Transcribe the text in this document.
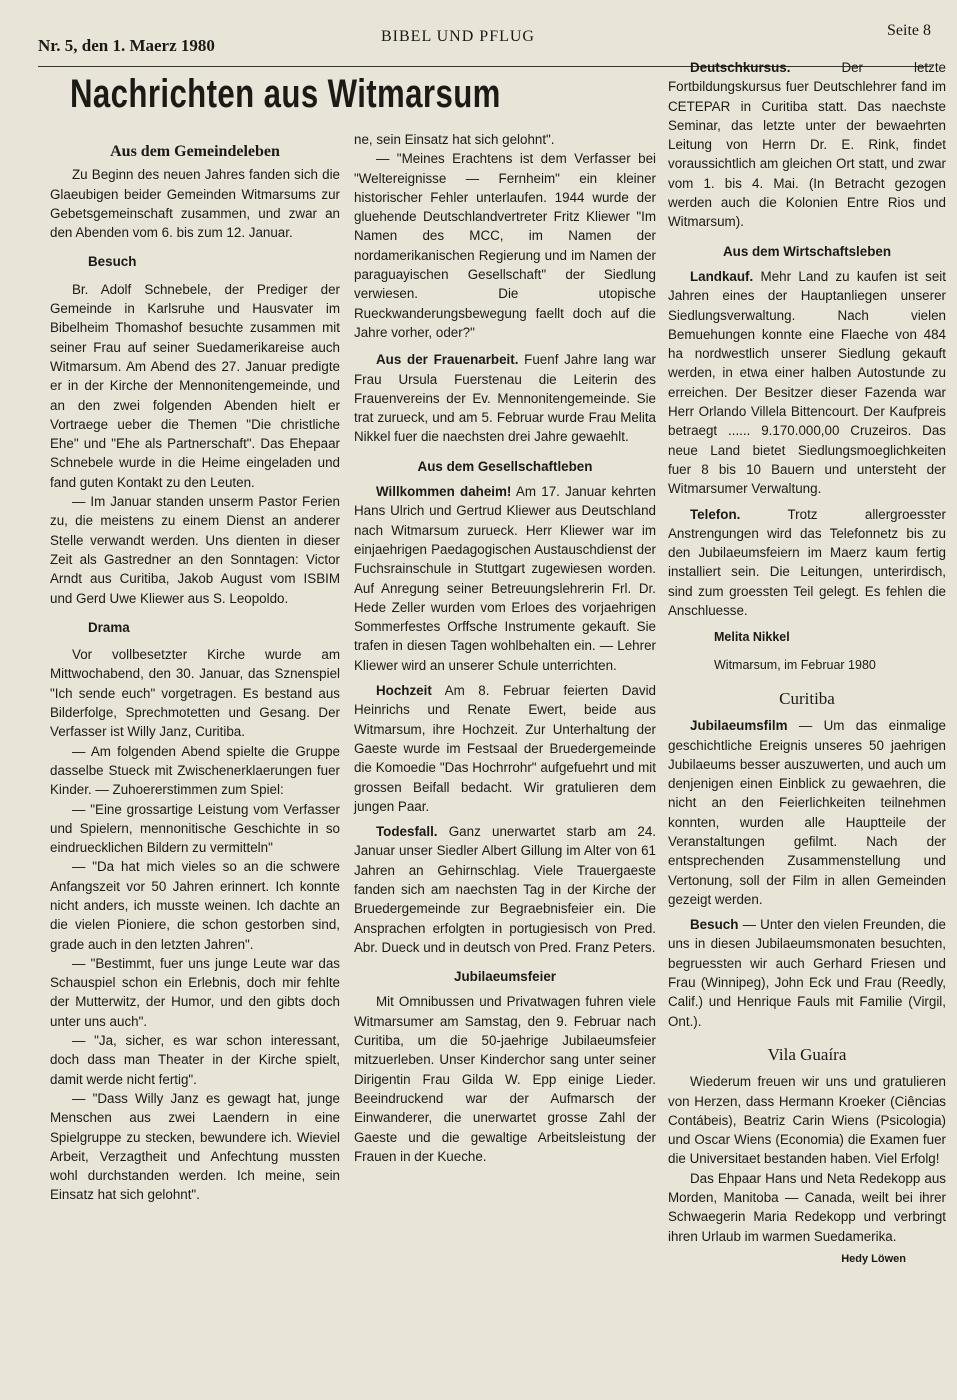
Nr. 5, den 1. Maerz 1980	BIBEL UND PFLUG	Seite 8
Nachrichten aus Witmarsum
Aus dem Gemeindeleben

Zu Beginn des neuen Jahres fanden sich die Glaeubigen beider Gemeinden Witmarsums zur Gebetsgemeinschaft zusammen, und zwar an den Abenden vom 6. bis zum 12. Januar.

Besuch

Br. Adolf Schnebele, der Prediger der Gemeinde in Karlsruhe und Hausvater im Bibelheim Thomashof besuchte zusammen mit seiner Frau auf seiner Suedamerikareise auch Witmarsum. Am Abend des 27. Januar predigte er in der Kirche der Mennonitengemeinde, und an den zwei folgenden Abenden hielt er Vortraege ueber die Themen "Die christliche Ehe" und "Ehe als Partnerschaft". Das Ehepaar Schnebele wurde in die Heime eingeladen und fand guten Kontakt zu den Leuten.

— Im Januar standen unserm Pastor Ferien zu, die meistens zu einem Dienst an anderer Stelle verwandt werden. Uns dienten in dieser Zeit als Gastredner an den Sonntagen: Victor Arndt aus Curitiba, Jakob August vom ISBIM und Gerd Uwe Kliewer aus S. Leopoldo.

Drama

Vor vollbesetzter Kirche wurde am Mittwochabend, den 30. Januar, das Sznenspiel "Ich sende euch" vorgetragen. Es bestand aus Bilderfolge, Sprechmotetten und Gesang. Der Verfasser ist Willy Janz, Curitiba.

— Am folgenden Abend spielte die Gruppe dasselbe Stueck mit Zwischenerklaerungen fuer Kinder. — Zuhoererstimmen zum Spiel:

— "Eine grossartige Leistung vom Verfasser und Spielern, mennonitische Geschichte in so eindruecklichen Bildern zu vermitteln"

— "Da hat mich vieles so an die schwere Anfangszeit vor 50 Jahren erinnert. Ich konnte nicht anders, ich musste weinen. Ich dachte an die vielen Pioniere, die schon gestorben sind, grade auch in den letzten Jahren".

— "Bestimmt, fuer uns junge Leute war das Schauspiel schon ein Erlebnis, doch mir fehlte der Mutterwitz, der Humor, und den gibts doch unter uns auch".

— "Ja, sicher, es war schon interessant, doch dass man Theater in der Kirche spielt, damit werde nicht fertig".

— "Dass Willy Janz es gewagt hat, junge Menschen aus zwei Laendern in eine Spielgruppe zu stecken, bewundere ich. Wieviel Arbeit, Verzagtheit und Anfechtung mussten wohl durchstanden werden. Ich meine, sein Einsatz hat sich gelohnt".

ne, sein Einsatz hat sich gelohnt".

— "Meines Erachtens ist dem Verfasser bei "Weltereignisse — Fernheim" ein kleiner historischer Fehler unterlaufen. 1944 wurde der gluehende Deutschlandvertreter Fritz Kliewer "Im Namen des MCC, im Namen der nordamerikanischen Regierung und im Namen der paraguayischen Gesellschaft" der Siedlung verwiesen. Die utopische Rueckwanderungsbewegung faellt doch auf die Jahre vorher, oder?"

Aus der Frauenarbeit. Fuenf Jahre lang war Frau Ursula Fuerstenau die Leiterin des Frauenvereins der Ev. Mennonitengemeinde. Sie trat zurueck, und am 5. Februar wurde Frau Melita Nikkel fuer die naechsten drei Jahre gewaehlt.

Aus dem Gesellschaftleben

Willkommen daheim! Am 17. Januar kehrten Hans Ulrich und Gertrud Kliewer aus Deutschland nach Witmarsum zurueck. Herr Kliewer war im einjaehrigen Paedagogischen Austauschdienst der Fuchsrainschule in Stuttgart zugewiesen worden. Auf Anregung seiner Betreuungslehrerin Frl. Dr. Hede Zeller wurden vom Erloes des vorjaehrigen Sommerfestes Orffsche Instrumente gekauft. Sie trafen in diesen Tagen wohlbehalten ein. — Lehrer Kliewer wird an unserer Schule unterrichten.

Hochzeit Am 8. Februar feierten David Heinrichs und Renate Ewert, beide aus Witmarsum, ihre Hochzeit. Zur Unterhaltung der Gaeste wurde im Festsaal der Bruedergemeinde die Komoedie "Das Hochrrohr" aufgefuehrt und mit grossen Beifall bedacht. Wir gratulieren dem jungen Paar.

Todesfall. Ganz unerwartet starb am 24. Januar unser Siedler Albert Gillung im Alter von 61 Jahren an Gehirnschlag. Viele Trauergaeste fanden sich am naechsten Tag in der Kirche der Bruedergemeinde zur Begraebnisfeier ein. Die Ansprachen erfolgten in portugiesisch von Pred. Abr. Dueck und in deutsch von Pred. Franz Peters.

Jubilaeumsfeier

Mit Omnibussen und Privatwagen fuhren viele Witmarsumer am Samstag, den 9. Februar nach Curitiba, um die 50-jaehrige Jubilaeumsfeier mitzuerleben. Unser Kinderchor sang unter seiner Dirigentin Frau Gilda W. Epp einige Lieder. Beeindruckend war der Aufmarsch der Einwanderer, die unerwartet grosse Zahl der Gaeste und die gewaltige Arbeitsleistung der Frauen in der Kueche.

Deutschkursus. Der letzte Fortbildungskursus fuer Deutschlehrer fand im CETEPAR in Curitiba statt. Das naechste Seminar, das letzte unter der bewaehrten Leitung von Herrn Dr. E. Rink, findet voraussichtlich am gleichen Ort statt, und zwar vom 1. bis 4. Mai. (In Betracht gezogen werden auch die Kolonien Entre Rios und Witmarsum).

Aus dem Wirtschaftsleben

Landkauf. Mehr Land zu kaufen ist seit Jahren eines der Hauptanliegen unserer Siedlungsverwaltung. Nach vielen Bemuehungen konnte eine Flaeche von 484 ha nordwestlich unserer Siedlung gekauft werden, in etwa einer halben Autostunde zu erreichen. Der Besitzer dieser Fazenda war Herr Orlando Villela Bittencourt. Der Kaufpreis betraegt ...... 9.170.000,00 Cruzeiros. Das neue Land bietet Siedlungsmoeglichkeiten fuer 8 bis 10 Bauern und untersteht der Witmarsumer Verwaltung.

Telefon. Trotz allergroesster Anstrengungen wird das Telefonnetz bis zu den Jubilaeumsfeiern im Maerz kaum fertig installiert sein. Die Leitungen, unterirdisch, sind zum groessten Teil gelegt. Es fehlen die Anschluesse.

Melita Nikkel
Witmarsum, im Februar 1980
Curitiba

Jubilaeumsfilm — Um das einmalige geschichtliche Ereignis unseres 50 jaehrigen Jubilaeums besser auszuwerten, und auch um denjenigen einen Einblick zu gewaehren, die nicht an den Feierlichkeiten teilnehmen konnten, wurden alle Hauptteile der Veranstaltungen gefilmt. Nach der entsprechenden Zusammenstellung und Vertonung, soll der Film in allen Gemeinden gezeigt werden.

Besuch — Unter den vielen Freunden, die uns in diesen Jubilaeumsmonaten besuchten, begruessten wir auch Gerhard Friesen und Frau (Winnipeg), John Eck und Frau (Reedly, Calif.) und Henrique Fauls mit Familie (Virgil, Ont.).

Vila Guaíra

Wiederum freuen wir uns und gratulieren von Herzen, dass Hermann Kroeker (Ciências Contábeis), Beatriz Carin Wiens (Psicologia) und Oscar Wiens (Economia) die Examen fuer die Universitaet bestanden haben. Viel Erfolg!

Das Ehpaar Hans und Neta Redekopp aus Morden, Manitoba — Canada, weilt bei ihrer Schwaegerin Maria Redekopp und verbringt ihren Urlaub im warmen Suedamerika.

Hedy Löwen
